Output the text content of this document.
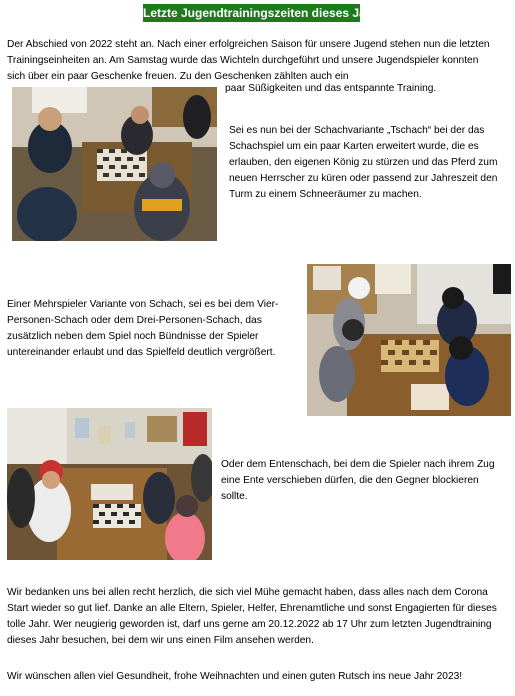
Letzte Jugendtrainingszeiten dieses Jahr

Der Abschied von 2022 steht an. Nach einer erfolgreichen Saison für unsere Jugend stehen nun die letzten Trainingseinheiten an. Am Samstag wurde das Wichteln durchgeführt und unsere Jugendspieler konnten sich über ein paar Geschenke freuen. Zu den Geschenken zählten auch ein

paar Süßigkeiten und das entspannte Training.

Sei es nun bei der Schachvariante „Tschach“ bei der das Schachspiel um ein paar Karten erweitert wurde, die es erlauben, den eigenen König zu stürzen und das Pferd zum neuen Herrscher zu küren oder passend zur Jahreszeit den Turm zu einem Schneeräumer zu machen.

Einer Mehrspieler Variante von Schach, sei es bei dem Vier-Personen-Schach oder dem Drei-Personen-Schach, das zusätzlich neben dem Spiel noch Bündnisse der Spieler untereinander erlaubt und das Spielfeld deutlich vergrößert.

Oder dem Entenschach, bei dem die Spieler nach ihrem Zug eine Ente verschieben dürfen, die den Gegner blockieren sollte.

Wir bedanken uns bei allen recht herzlich, die sich viel Mühe gemacht haben, dass alles nach dem Corona Start wieder so gut lief. Danke an alle Eltern, Spieler, Helfer, Ehrenamtliche und sonst Engagierten für dieses tolle Jahr. Wer neugierig geworden ist, darf uns gerne am 20.12.2022 ab 17 Uhr zum letzten Jugendtraining dieses Jahr besuchen, bei dem wir uns einen Film ansehen werden.

Wir wünschen allen viel Gesundheit, frohe Weihnachten und einen guten Rutsch ins neue Jahr 2023!
